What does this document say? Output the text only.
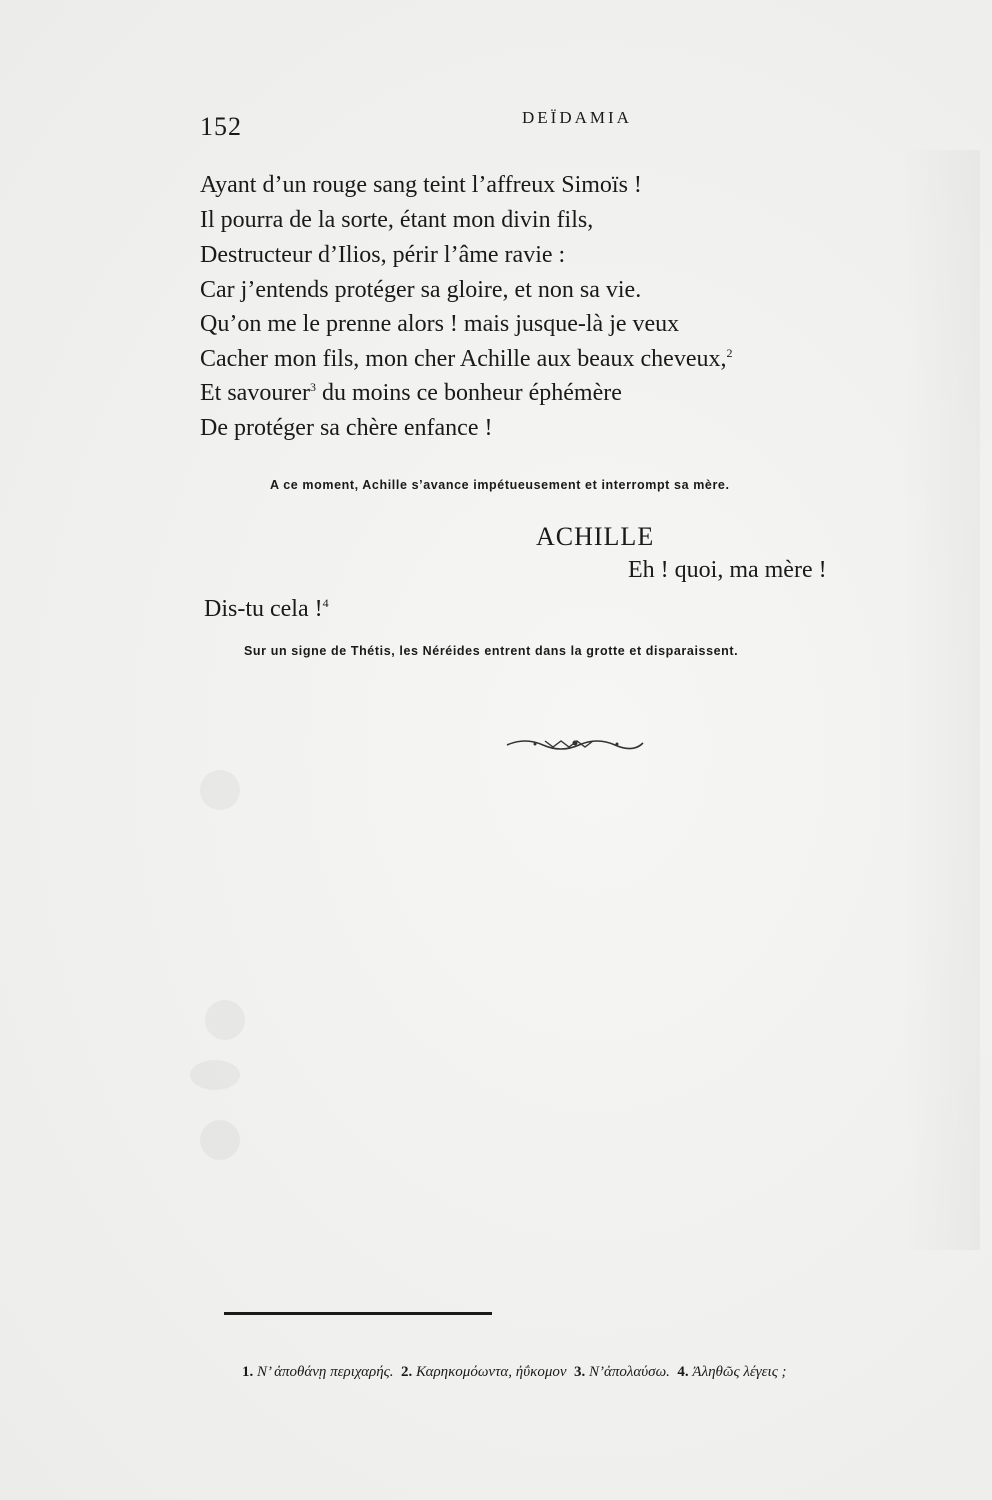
152	DEÏDAMIA
Ayant d’un rouge sang teint l’affreux Simoïs !
Il pourra de la sorte, étant mon divin fils,
Destructeur d’Ilios, périr l’âme ravie :
Car j’entends protéger sa gloire, et non sa vie.
Qu’on me le prenne alors ! mais jusque-là je veux
Cacher mon fils, mon cher Achille aux beaux cheveux,$^2$
Et savourer$^3$ du moins ce bonheur éphémère
De protéger sa chère enfance !
A ce moment, Achille s’avance impétueusement et interrompt sa mère.
ACHILLE
Eh ! quoi, ma mère !
Dis-tu cela !$^4$
Sur un signe de Thétis, les Néréides entrent dans la grotte et disparaissent.
1. N’ ἀποθάνῃ περιχαρής. 2. Καρηκομόωντα, ἠΰκομον 3. N’ἀπολαύσω. 4. Ἀληθῶς λέγεις ;
